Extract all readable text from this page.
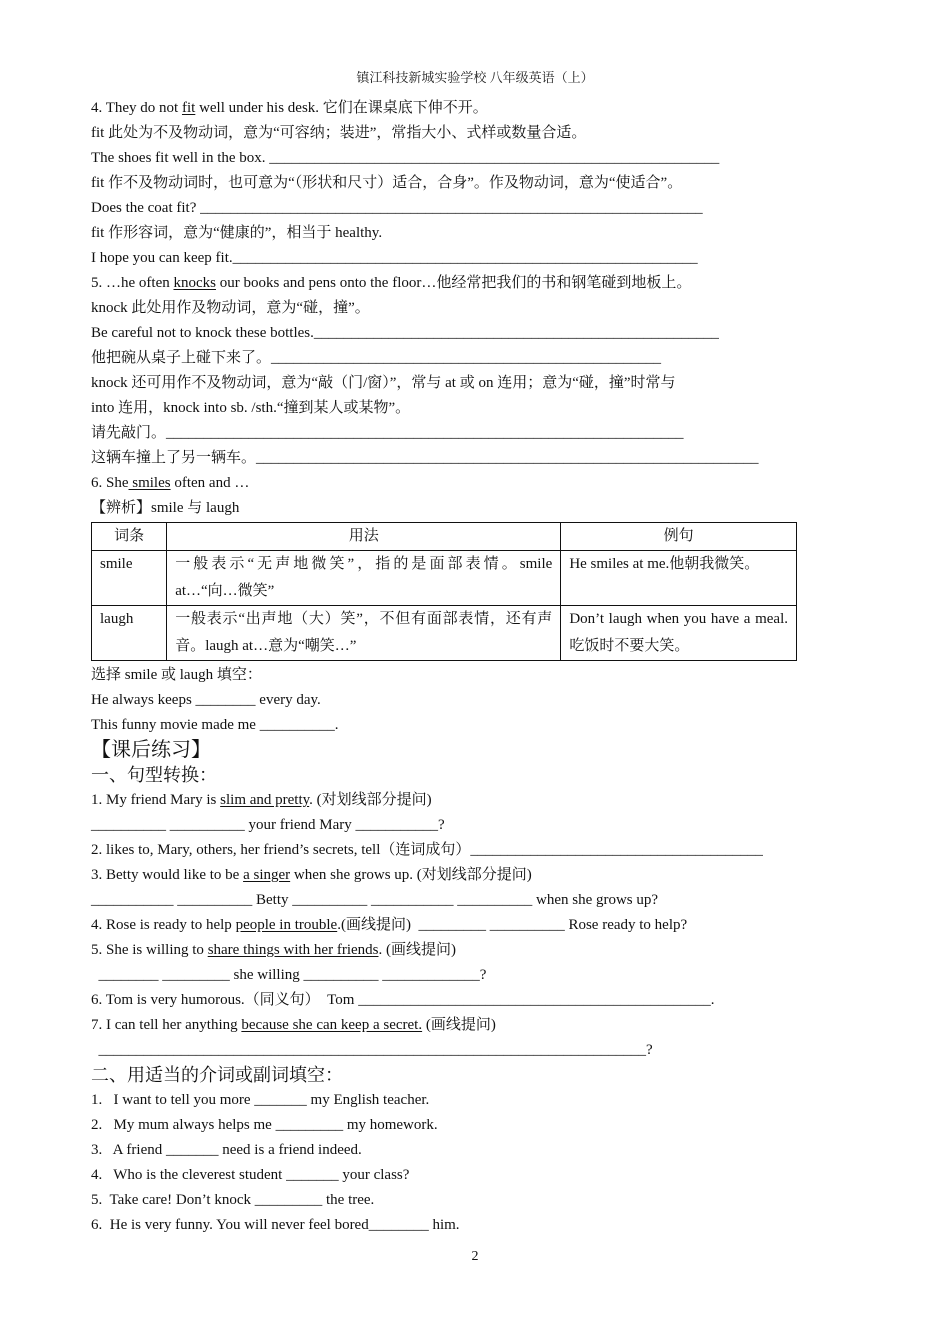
镇江科技新城实验学校 八年级英语（上）
4. They do not fit well under his desk. 它们在课桌底下伸不开。
fit 此处为不及物动词，意为“可容纳；装进”，常指大小、式样或数量合适。
The shoes fit well in the box. ____________________________________________________________
fit 作不及物动词时，也可意为“（形状和尺寸）适合，合身”。作及物动词，意为“使适合”。
Does the coat fit? ___________________________________________________________________
fit 作形容词，意为“健康的”，相当于 healthy.
I hope you can keep fit.______________________________________________________________
5. …he often knocks our books and pens onto the floor…他经常把我们的书和钢笔碰到地板上。
knock 此处用作及物动词，意为“碰，撞”。
Be careful not to knock these bottles.______________________________________________________
他把碗从桌子上碰下来了。____________________________________________________
knock 还可用作不及物动词，意为“敲（门/窗）”，常与 at 或 on 连用；意为“碰，撞”时常与
into 连用，knock into sb. /sth.“撞到某人或某物”。
请先敲门。_____________________________________________________________________
这辆车撞上了另一辆车。___________________________________________________________________
6. She smiles often and …
【辨析】smile 与 laugh
词条	用法	例句
smile	一般表示“无声地微笑”，指的是面部表情。smile at…“向…微笑”	He smiles at me.他朝我微笑。
laugh	一般表示“出声地（大）笑”，不但有面部表情，还有声音。laugh at…意为“嘲笑…”	Don’t laugh when you have a meal.吃饭时不要大笑。
选择 smile 或 laugh 填空：
He always keeps ________ every day.
This funny movie made me __________.
【课后练习】
一、句型转换：
1. My friend Mary is slim and pretty. (对划线部分提问)
__________ __________ your friend Mary ___________?
2. likes to, Mary, others, her friend’s secrets, tell（连词成句）_______________________________________
3. Betty would like to be a singer when she grows up. (对划线部分提问)
___________ __________ Betty __________ ___________ __________ when she grows up?
4. Rose is ready to help people in trouble.(画线提问)  _________ __________ Rose ready to help?
5. She is willing to share things with her friends. (画线提问)
________ _________ she willing __________ _____________?
6. Tom is very humorous.（同义句）  Tom _______________________________________________.
7. I can tell her anything because she can keep a secret. (画线提问)
_________________________________________________________________________?
二、用适当的介词或副词填空：
1.   I want to tell you more _______ my English teacher.
2.   My mum always helps me _________ my homework.
3.   A friend _______ need is a friend indeed.
4.   Who is the cleverest student _______ your class?
5.  Take care! Don’t knock _________ the tree.
6.  He is very funny. You will never feel bored________ him.
2
